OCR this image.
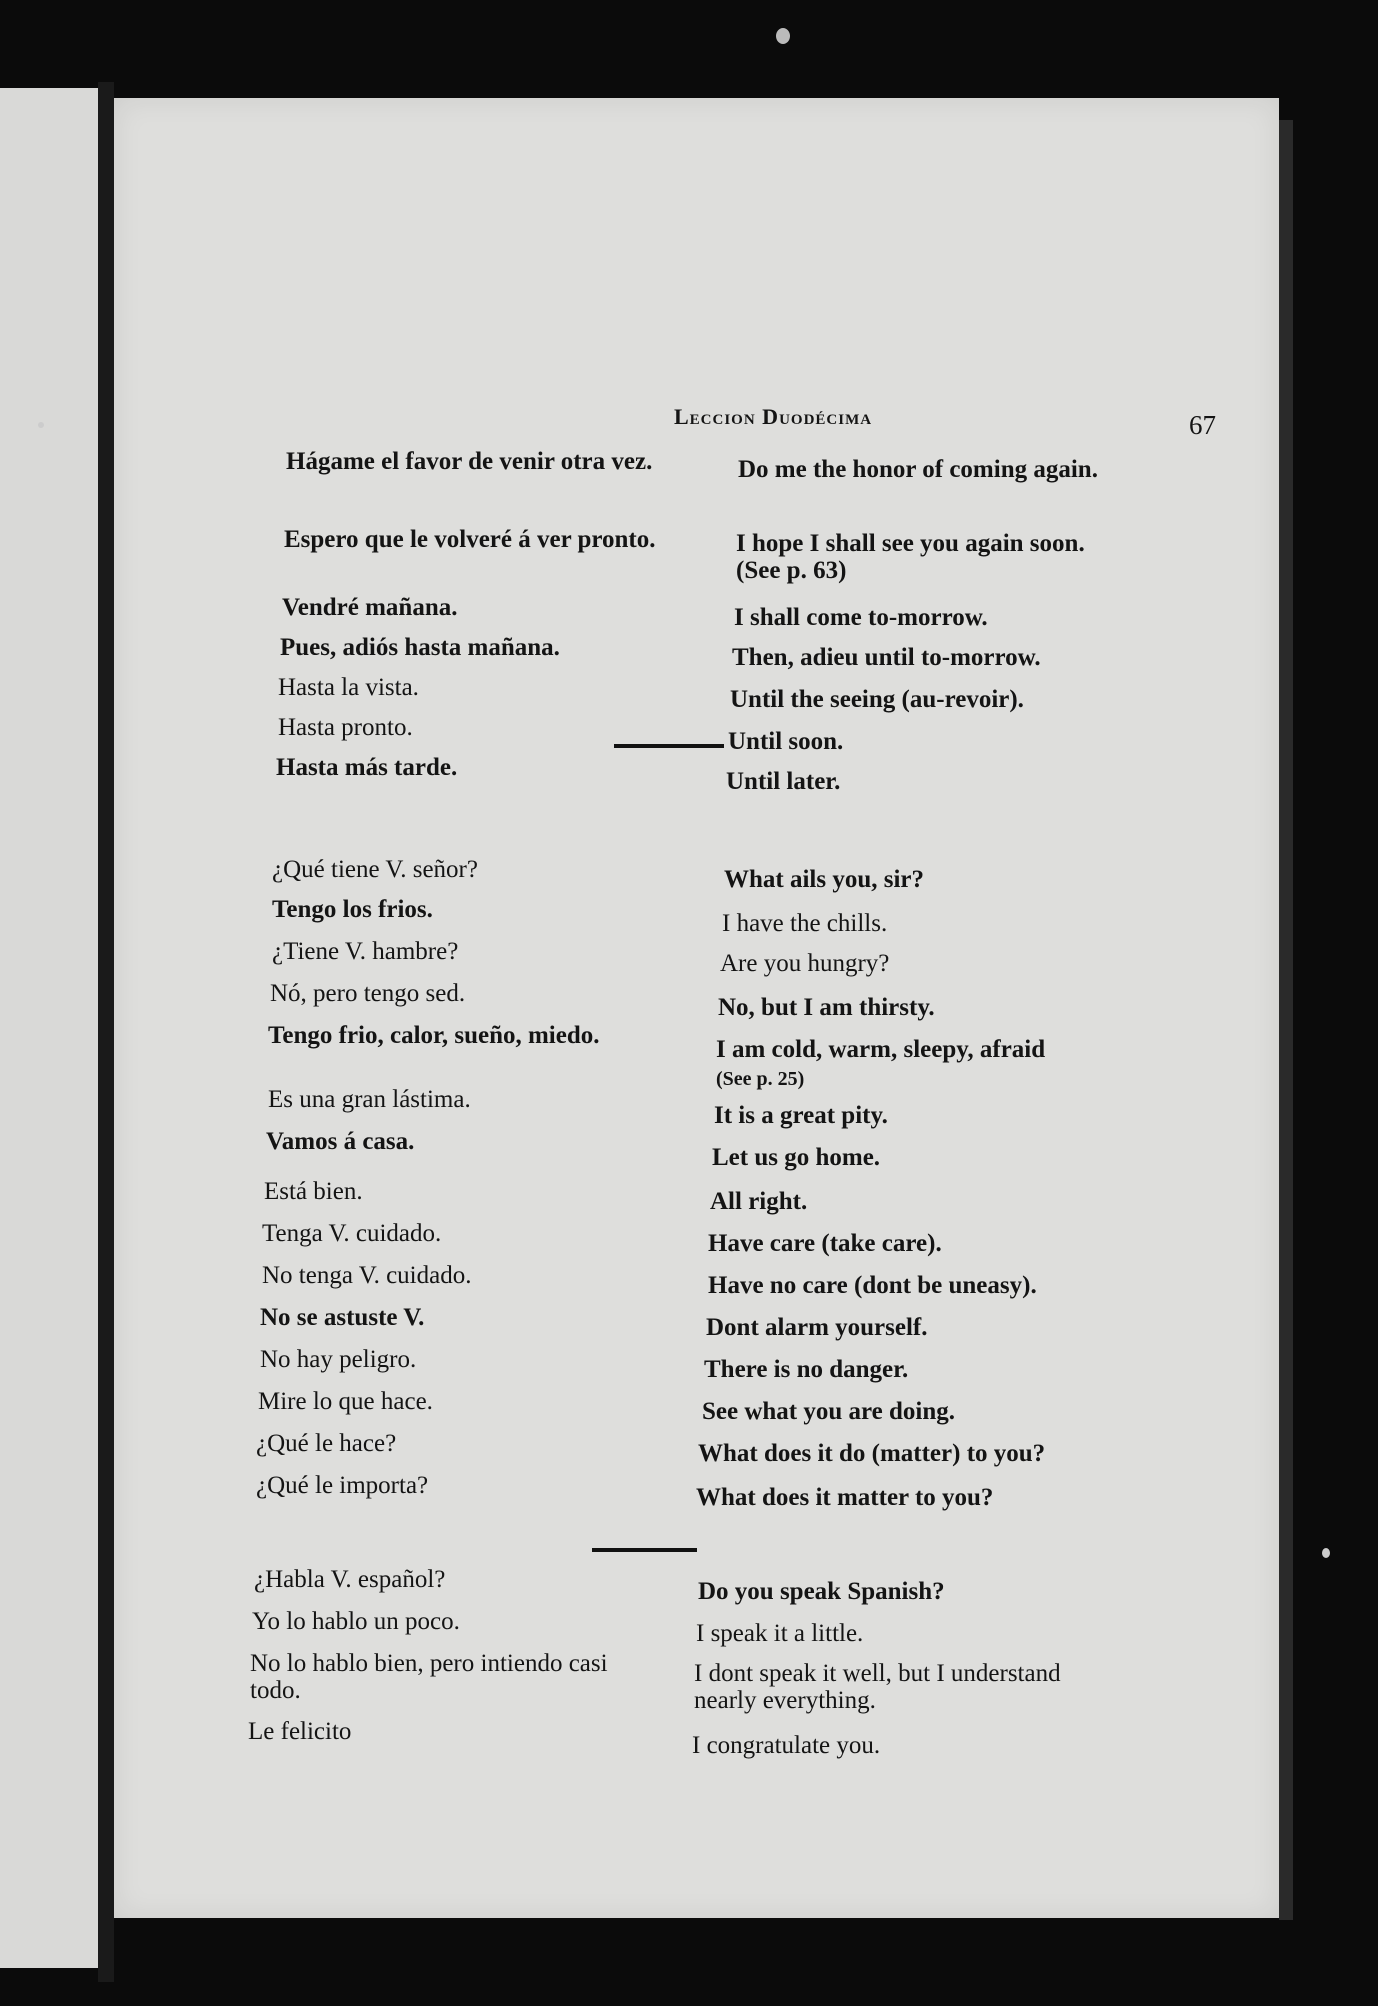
Leccion Duodécima	67
Hágame el favor de venir otra vez.
Espero que le volveré á ver pronto.
Vendré mañana.
Pues, adiós hasta mañana.
Hasta la vista.
Hasta pronto.
Hasta más tarde.
Do me the honor of coming again.
I hope I shall see you again soon. (See p. 63)
I shall come to-morrow.
Then, adieu until to-morrow.
Until the seeing (au-revoir).
Until soon.
Until later.
¿Qué tiene V. señor?
Tengo los frios.
¿Tiene V. hambre?
Nó, pero tengo sed.
Tengo frio, calor, sueño, miedo.
Es una gran lástima.
Vamos á casa.
Está bien.
Tenga V. cuidado.
No tenga V. cuidado.
No se astuste V.
No hay peligro.
Mire lo que hace.
¿Qué le hace?
¿Qué le importa?
What ails you, sir?
I have the chills.
Are you hungry?
No, but I am thirsty.
I am cold, warm, sleepy, afraid
(See p. 25)
It is a great pity.
Let us go home.
All right.
Have care (take care).
Have no care (dont be uneasy).
Dont alarm yourself.
There is no danger.
See what you are doing.
What does it do (matter) to you?
What does it matter to you?
¿Habla V. español?
Yo lo hablo un poco.
No lo hablo bien, pero intiendo casi todo.
Le felicito
Do you speak Spanish?
I speak it a little.
I dont speak it well, but I understand nearly everything.
I congratulate you.
